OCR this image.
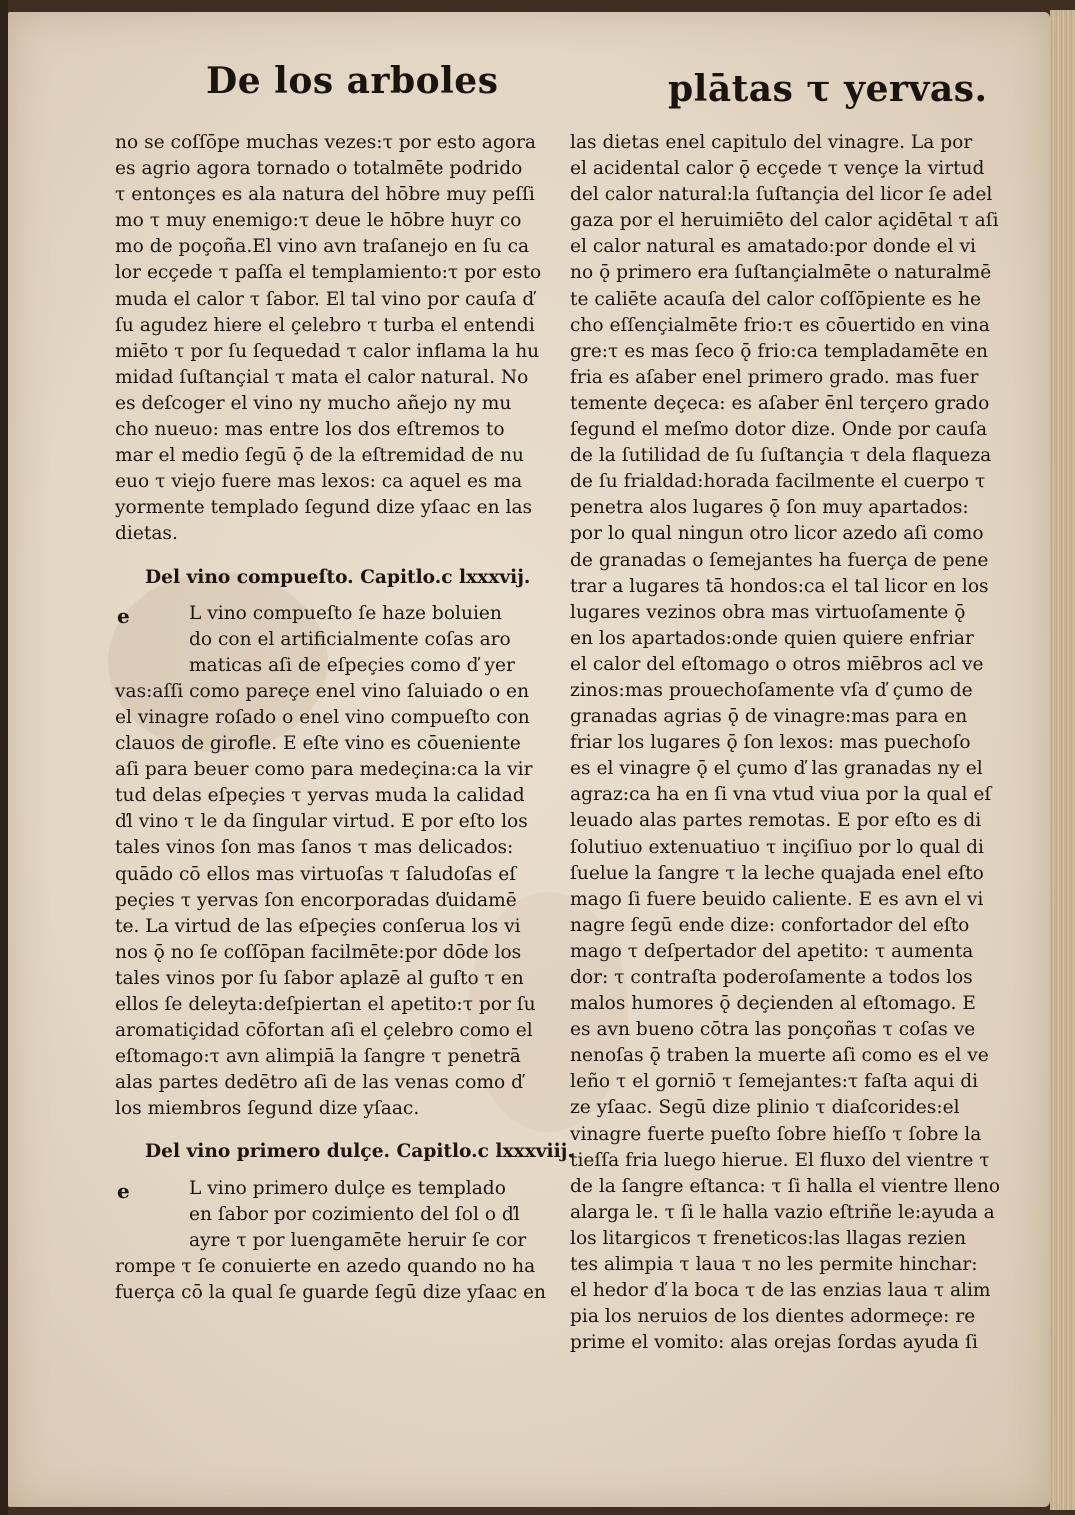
De los arboles	plātas τ yervas.
no se coſſōpe muchas vezes:τ por esto agora
es agrio agora tornado o totalmēte podrido
τ entonçes es ala natura del hōbre muy peſſi
mo τ muy enemigo:τ deue le hōbre huyr co
mo de poçoña.El vino avn traſanejo en ſu ca
lor ecçede τ paſſa el templamiento:τ por esto
muda el calor τ ſabor. El tal vino por cauſa ď
ſu agudez hiere el çelebro τ turba el entendi
miēto τ por ſu ſequedad τ calor inflama la hu
midad ſuſtançial τ mata el calor natural. No
es deſcoger el vino ny mucho añejo ny mu
cho nueuo: mas entre los dos eſtremos to
mar el medio ſegū ǭ de la eſtremidad de nu
euo τ viejo fuere mas lexos: ca aquel es ma
yormente templado ſegund dize yſaac en las
dietas.
Del vino compueſto. Capitlo.c lxxxvij.
e	L vino compueſto ſe haze boluien
do con el artificialmente coſas aro
maticas aſi de eſpeçies como ď yer
vas:aſſi como pareçe enel vino ſaluiado o en
el vinagre roſado o enel vino compueſto con
clauos de girofle. E eſte vino es cōueniente
aſi para beuer como para medeçina:ca la vir
tud delas eſpeçies τ yervas muda la calidad
ďl vino τ le da ſingular virtud. E por eſto los
tales vinos ſon mas ſanos τ mas delicados:
quādo cō ellos mas virtuoſas τ ſaludoſas eſ
peçies τ yervas ſon encorporadas ďuidamē
te. La virtud de las eſpeçies conſerua los vi
nos ǭ no ſe coſſōpan facilmēte:por dōde los
tales vinos por ſu ſabor aplazē al guſto τ en
ellos ſe deleyta:deſpiertan el apetito:τ por ſu
aromatiçidad cōfortan aſi el çelebro como el
eſtomago:τ avn alimpiā la ſangre τ penetrā
alas partes dedētro aſi de las venas como ď
los miembros ſegund dize yſaac.
Del vino primero dulçe. Capitlo.c lxxxviij.
e	L vino primero dulçe es templado
en ſabor por cozimiento del ſol o ďl
ayre τ por luengamēte heruir ſe cor
rompe τ ſe conuierte en azedo quando no ha
fuerça cō la qual ſe guarde ſegū dize yſaac en
las dietas enel capitulo del vinagre. La por
el acidental calor ǭ ecçede τ vençe la virtud
del calor natural:la ſuſtançia del licor ſe adel
gaza por el heruimiēto del calor açidētal τ aſi
el calor natural es amatado:por donde el vi
no ǭ primero era ſuſtançialmēte o naturalmē
te caliēte acauſa del calor coſſōpiente es he
cho eſſençialmēte frio:τ es cōuertido en vina
gre:τ es mas ſeco ǭ frio:ca templadamēte en
fria es aſaber enel primero grado. mas fuer
temente deçeca: es aſaber ēnl terçero grado
ſegund el meſmo dotor dize. Onde por cauſa
de la ſutilidad de ſu ſuſtançia τ dela flaqueza
de ſu frialdad:horada facilmente el cuerpo τ
penetra alos lugares ǭ ſon muy apartados:
por lo qual ningun otro licor azedo aſi como
de granadas o ſemejantes ha fuerça de pene
trar a lugares tā hondos:ca el tal licor en los
lugares vezinos obra mas virtuoſamente ǭ
en los apartados:onde quien quiere enfriar
el calor del eſtomago o otros miēbros acl ve
zinos:mas prouechoſamente vſa ď çumo de
granadas agrias ǭ de vinagre:mas para en
friar los lugares ǭ ſon lexos: mas puechoſo
es el vinagre ǭ el çumo ď las granadas ny el
agraz:ca ha en ſi vna vtud viua por la qual eſ
leuado alas partes remotas. E por eſto es di
ſolutiuo extenuatiuo τ inçiſiuo por lo qual di
ſuelue la ſangre τ la leche quajada enel eſto
mago ſi fuere beuido caliente. E es avn el vi
nagre ſegū ende dize: confortador del eſto
mago τ deſpertador del apetito: τ aumenta
dor: τ contraſta poderoſamente a todos los
malos humores ǭ deçienden al eſtomago. E
es avn bueno cōtra las ponçoñas τ coſas ve
nenoſas ǭ traben la muerte aſi como es el ve
leño τ el gorniō τ ſemejantes:τ faſta aqui di
ze yſaac. Segū dize plinio τ diaſcorides:el
vinagre fuerte pueſto ſobre hieſſo τ ſobre la
tieſſa fria luego hierue. El fluxo del vientre τ
de la ſangre eſtanca: τ ſi halla el vientre lleno
alarga le. τ ſi le halla vazio eſtriñe le:ayuda a
los litargicos τ freneticos:las llagas rezien
tes alimpia τ laua τ no les permite hinchar:
el hedor ď la boca τ de las enzias laua τ alim
pia los neruios de los dientes adormeçe: re
prime el vomito: alas orejas ſordas ayuda ſi
